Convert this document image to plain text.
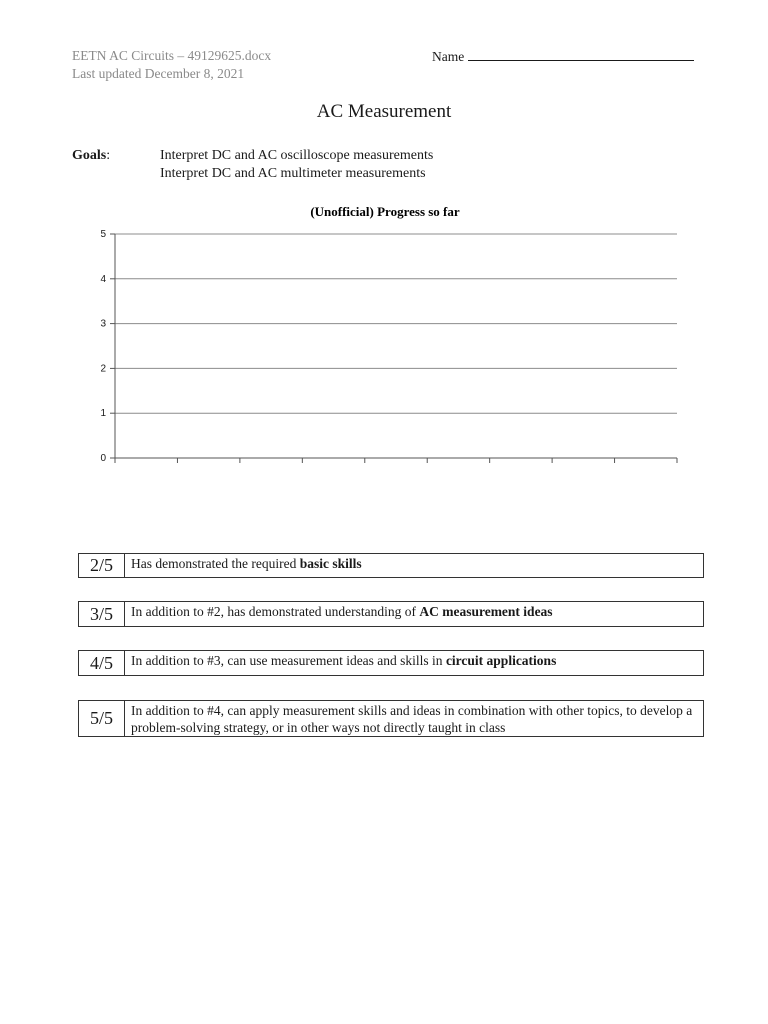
EETN AC Circuits – 49129625.docx
Last updated December 8, 2021
Name
AC Measurement
Goals:	Interpret DC and AC oscilloscope measurements
Interpret DC and AC multimeter measurements
(Unofficial) Progress so far
0
1
2
3
4
5
2/5	Has demonstrated the required basic skills
3/5	In addition to #2, has demonstrated understanding of AC measurement ideas
4/5	In addition to #3, can use measurement ideas and skills in circuit applications
5/5	In addition to #4, can apply measurement skills and ideas in combination with other topics, to develop a problem-solving strategy, or in other ways not directly taught in class
